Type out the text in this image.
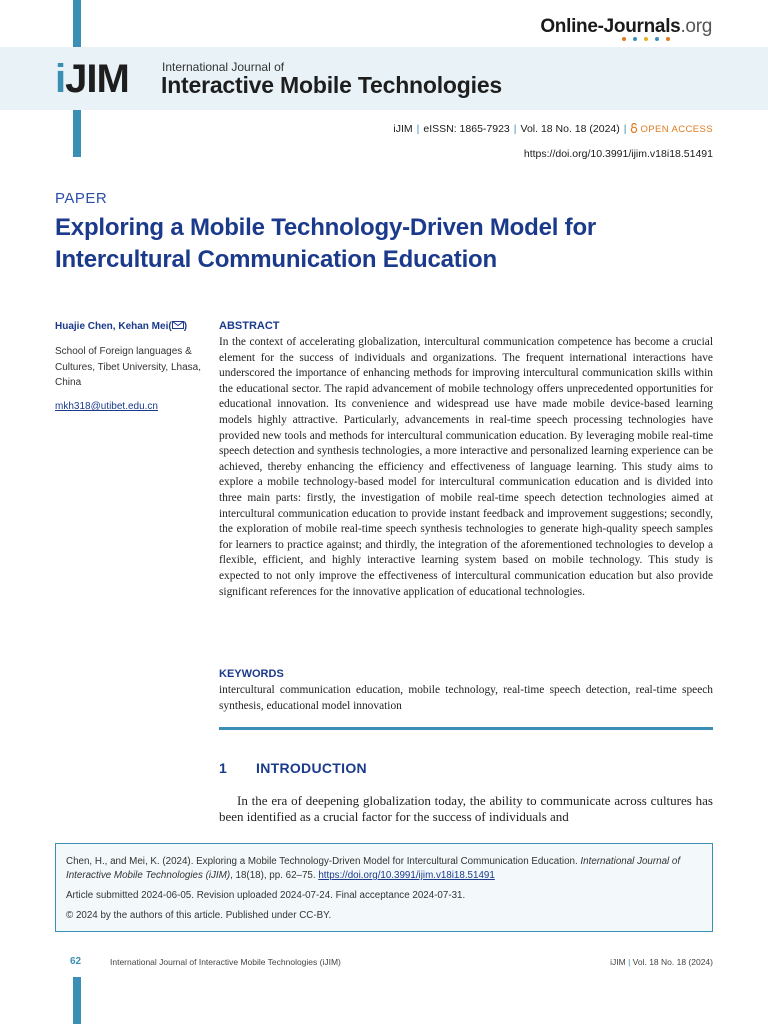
Online-Journals.org
iJIM	International Journal of
Interactive Mobile Technologies
iJIM | eISSN: 1865-7923 | Vol. 18 No. 18 (2024) | OPEN ACCESS
https://doi.org/10.3991/ijim.v18i18.51491
PAPER
Exploring a Mobile Technology-Driven Model for Intercultural Communication Education
Huajie Chen, Kehan Mei( )
School of Foreign languages & Cultures, Tibet University, Lhasa, China
mkh318@utibet.edu.cn
ABSTRACT
In the context of accelerating globalization, intercultural communication competence has become a crucial element for the success of individuals and organizations. The frequent international interactions have underscored the importance of enhancing methods for improving intercultural communication skills within the educational sector. The rapid advancement of mobile technology offers unprecedented opportunities for educational innovation. Its convenience and widespread use have made mobile device-based learning models highly attractive. Particularly, advancements in real-time speech processing technologies have provided new tools and methods for intercultural communication education. By leveraging mobile real-time speech detection and synthesis technologies, a more interactive and personalized learning experience can be achieved, thereby enhancing the efficiency and effectiveness of language learning. This study aims to explore a mobile technology-based model for intercultural communication education and is divided into three main parts: firstly, the investigation of mobile real-time speech detection technologies aimed at intercultural communication education to provide instant feedback and improvement suggestions; secondly, the exploration of mobile real-time speech synthesis technologies to generate high-quality speech samples for learners to practice against; and thirdly, the integration of the aforementioned technologies to develop a flexible, efficient, and highly interactive learning system based on mobile technology. This study is expected to not only improve the effectiveness of intercultural communication education but also provide significant references for the innovative application of educational technologies.
KEYWORDS
intercultural communication education, mobile technology, real-time speech detection, real-time speech synthesis, educational model innovation
1 INTRODUCTION
In the era of deepening globalization today, the ability to communicate across cultures has been identified as a crucial factor for the success of individuals and

Chen, H., and Mei, K. (2024). Exploring a Mobile Technology-Driven Model for Intercultural Communication Education. International Journal of Interactive Mobile Technologies (iJIM), 18(18), pp. 62–75. https://doi.org/10.3991/ijim.v18i18.51491

Article submitted 2024-06-05. Revision uploaded 2024-07-24. Final acceptance 2024-07-31.

© 2024 by the authors of this article. Published under CC-BY.

62	International Journal of Interactive Mobile Technologies (iJIM)	iJIM | Vol. 18 No. 18 (2024)
